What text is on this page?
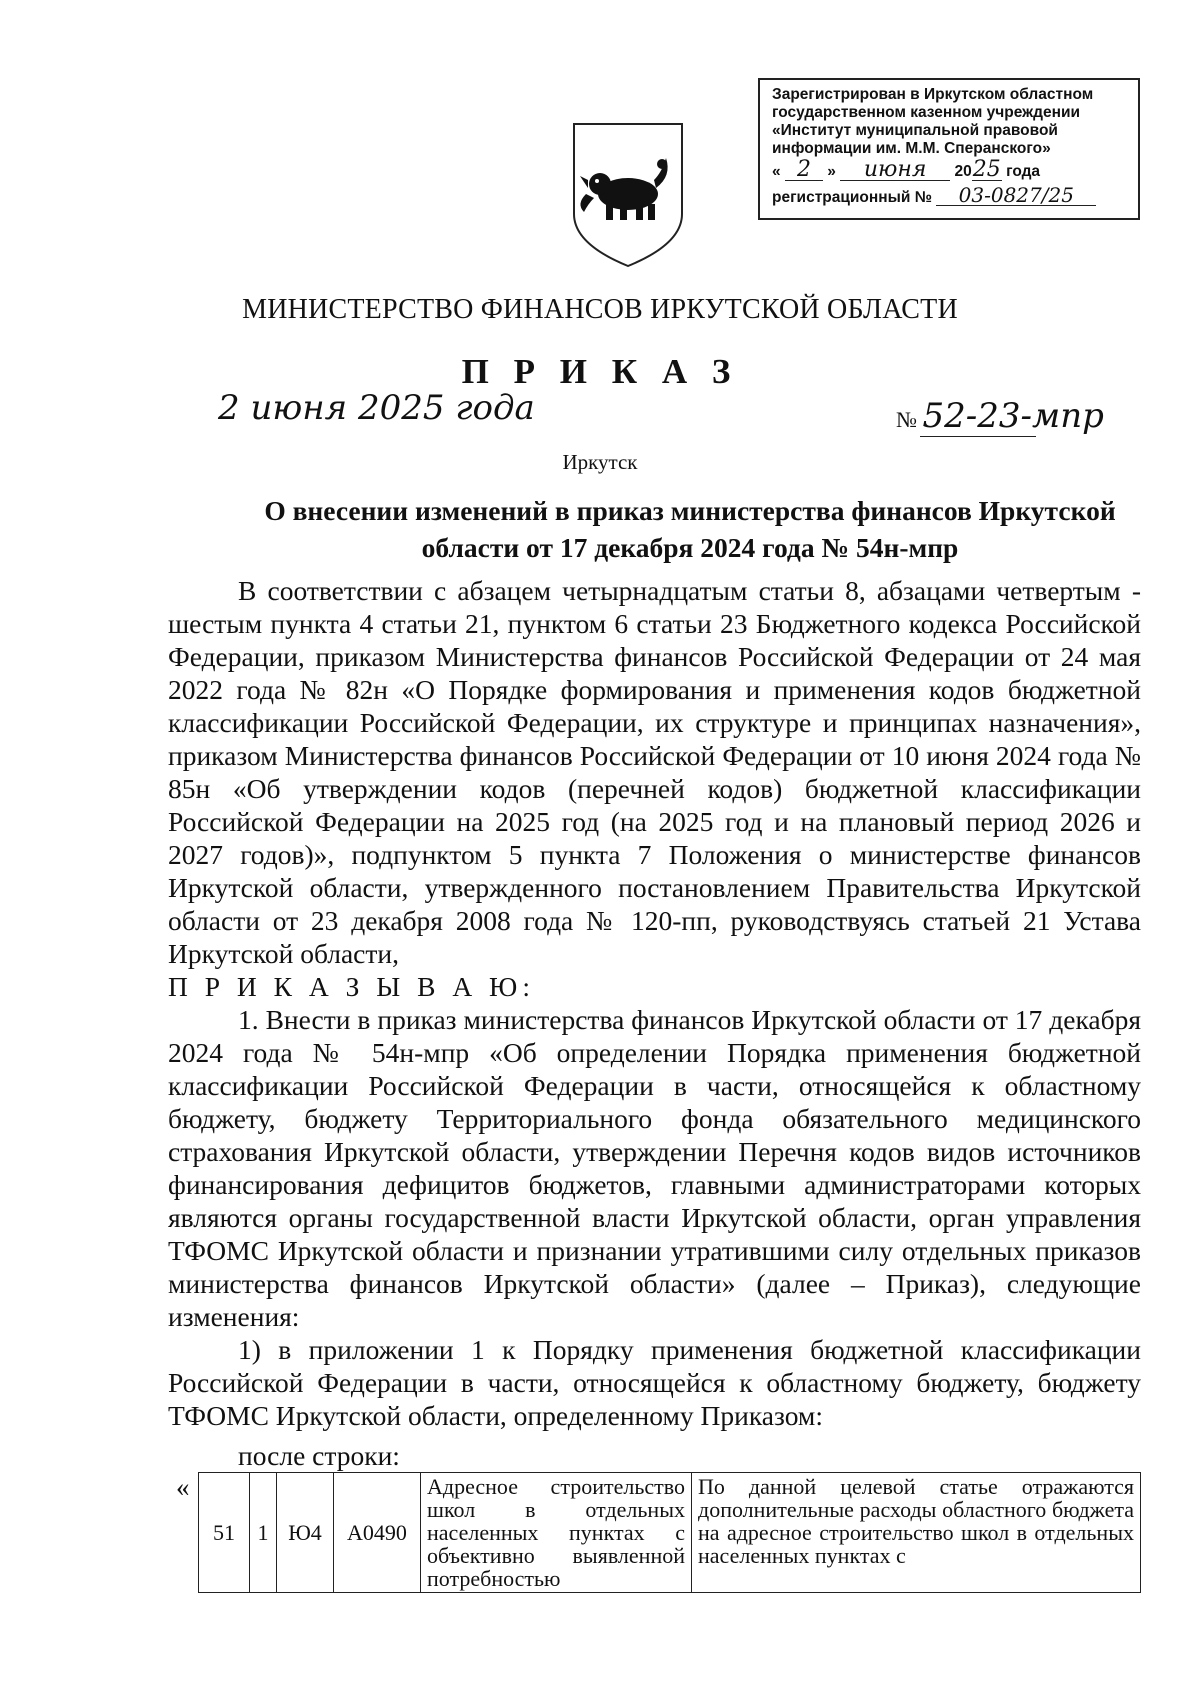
Зарегистрирован в Иркутском областном
государственном казенном учреждении
«Институт муниципальной правовой
информации им. М.М. Сперанского»
« 2 » июня 2025 года
регистрационный № 03-0827/25
МИНИСТЕРСТВО ФИНАНСОВ ИРКУТСКОЙ ОБЛАСТИ
П Р И К А З
2 июня 2025 года	№ 52-23-мпр
Иркутск
О внесении изменений в приказ министерства финансов Иркутской
области от 17 декабря 2024 года № 54н-мпр

В соответствии с абзацем четырнадцатым статьи 8, абзацами четвертым - шестым пункта 4 статьи 21, пунктом 6 статьи 23 Бюджетного кодекса Российской Федерации, приказом Министерства финансов Российской Федерации от 24 мая 2022 года № 82н «О Порядке формирования и применения кодов бюджетной классификации Российской Федерации, их структуре и принципах назначения», приказом Министерства финансов Российской Федерации от 10 июня 2024 года № 85н «Об утверждении кодов (перечней кодов) бюджетной классификации Российской Федерации на 2025 год (на 2025 год и на плановый период 2026 и 2027 годов)», подпунктом 5 пункта 7 Положения о министерстве финансов Иркутской области, утвержденного постановлением Правительства Иркутской области от 23 декабря 2008 года № 120-пп, руководствуясь статьей 21 Устава Иркутской области,

П Р И К А З Ы В А Ю:

1. Внести в приказ министерства финансов Иркутской области от 17 декабря 2024 года № 54н-мпр «Об определении Порядка применения бюджетной классификации Российской Федерации в части, относящейся к областному бюджету, бюджету Территориального фонда обязательного медицинского страхования Иркутской области, утверждении Перечня кодов видов источников финансирования дефицитов бюджетов, главными администраторами которых являются органы государственной власти Иркутской области, орган управления ТФОМС Иркутской области и признании утратившими силу отдельных приказов министерства финансов Иркутской области» (далее – Приказ), следующие изменения:

1) в приложении 1 к Порядку применения бюджетной классификации Российской Федерации в части, относящейся к областному бюджету, бюджету ТФОМС Иркутской области, определенному Приказом:

после строки:
«
51	1	Ю4	А0490	Адресное строительство школ в отдельных населенных пунктах с объективно выявленной потребностью	По данной целевой статье отражаются дополнительные расходы областного бюджета на адресное строительство школ в отдельных населенных пунктах с
